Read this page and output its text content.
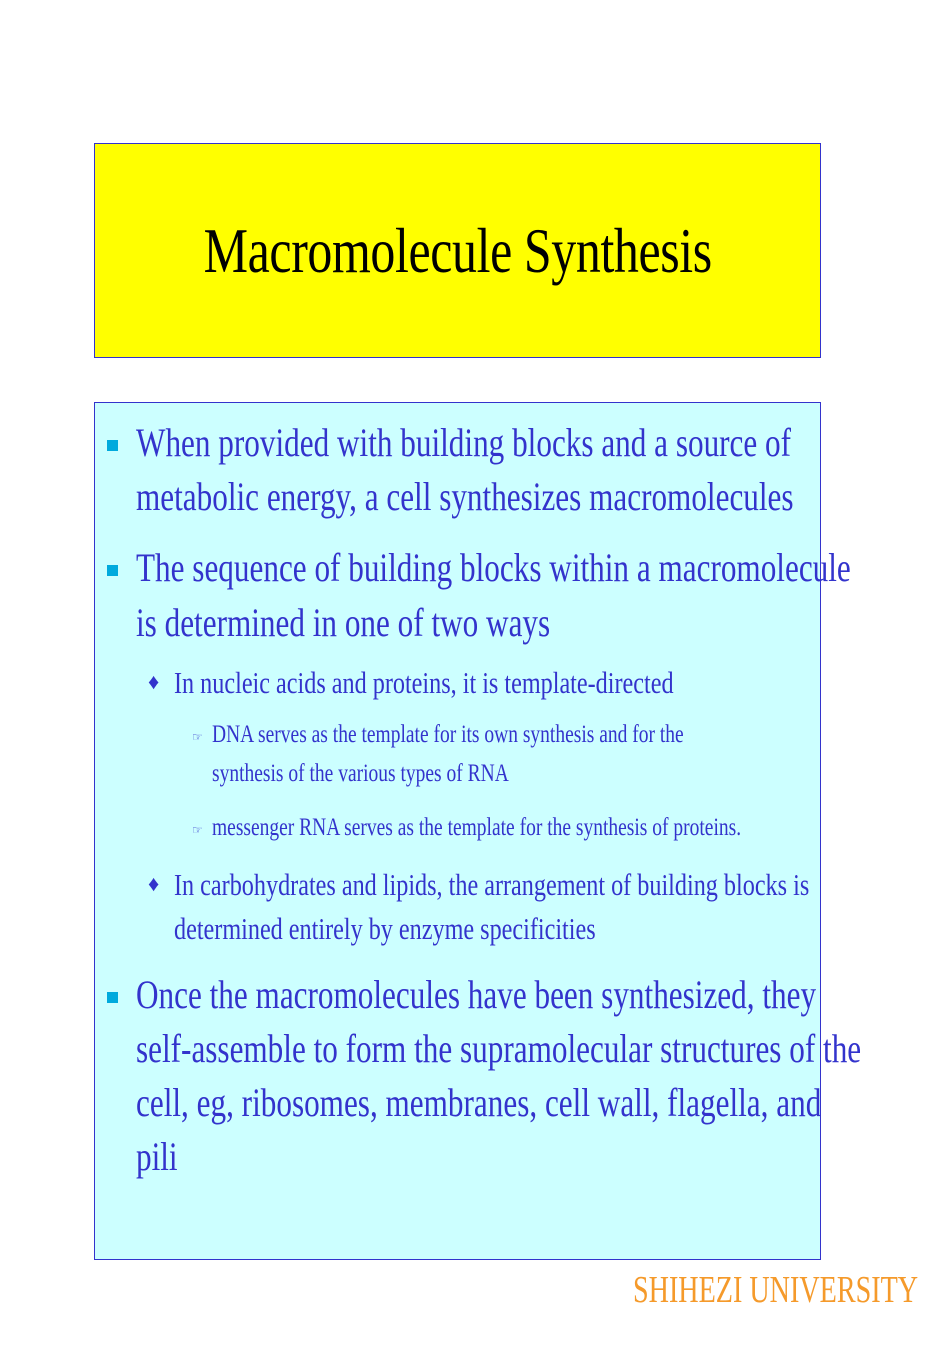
Macromolecule Synthesis
When provided with building blocks and a source of
metabolic energy, a cell synthesizes macromolecules
The sequence of building blocks within a macromolecule
is determined in one of two ways
♦ In nucleic acids and proteins, it is template-directed
☞ DNA serves as the template for its own synthesis and for the
synthesis of the various types of RNA
☞ messenger RNA serves as the template for the synthesis of proteins.
♦ In carbohydrates and lipids, the arrangement of building blocks is
determined entirely by enzyme specificities
Once the macromolecules have been synthesized, they
self-assemble to form the supramolecular structures of the
cell, eg, ribosomes, membranes, cell wall, flagella, and
pili
SHIHEZI UNIVERSITY
